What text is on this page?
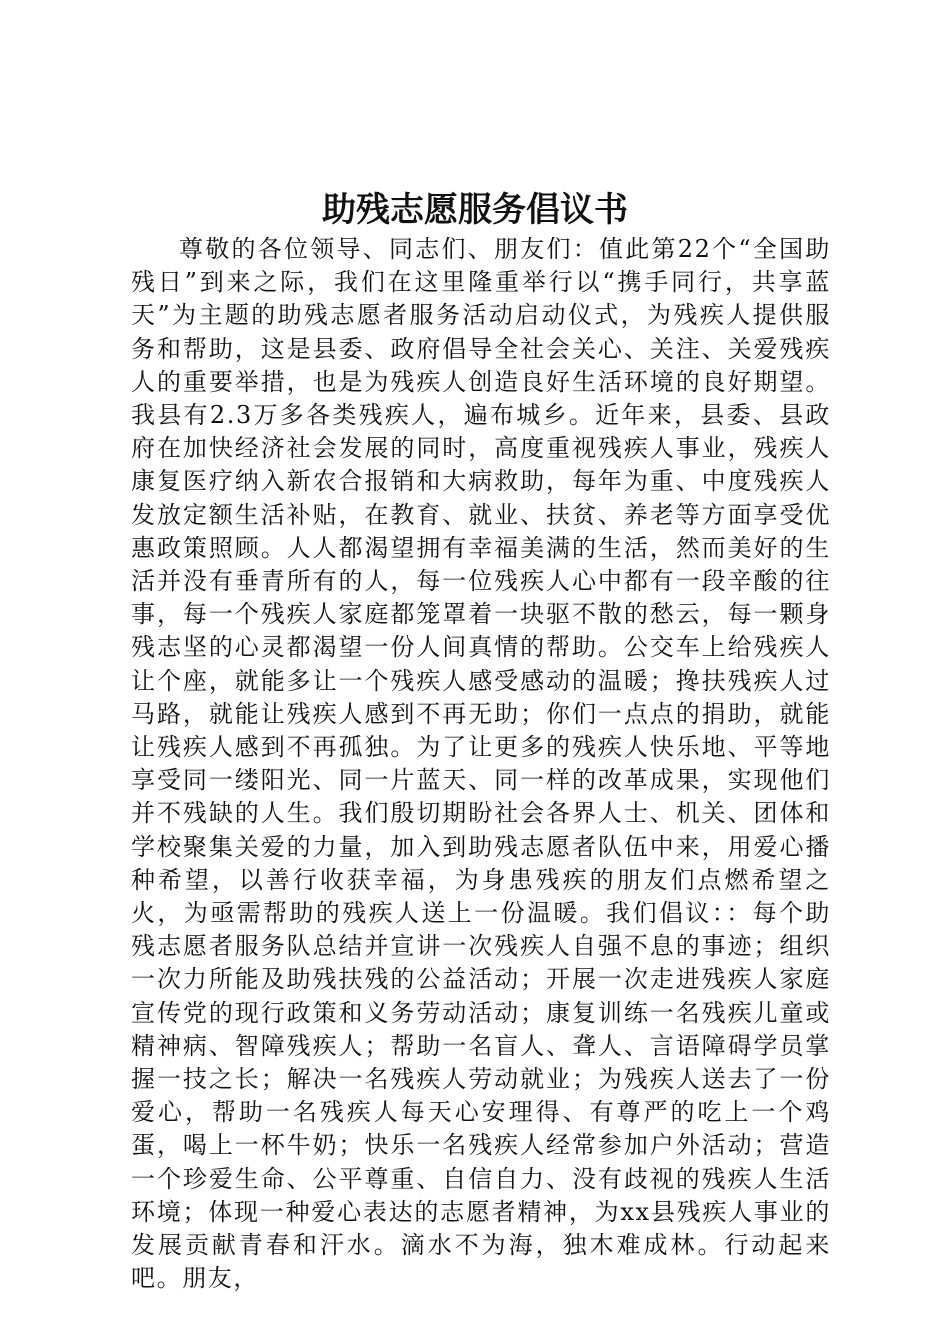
助残志愿服务倡议书

尊敬的各位领导、同志们、朋友们：值此第22个“全国助残日”到来之际，我们在这里隆重举行以“携手同行，共享蓝天”为主题的助残志愿者服务活动启动仪式，为残疾人提供服务和帮助，这是县委、政府倡导全社会关心、关注、关爱残疾人的重要举措，也是为残疾人创造良好生活环境的良好期望。我县有2.3万多各类残疾人，遍布城乡。近年来，县委、县政府在加快经济社会发展的同时，高度重视残疾人事业，残疾人康复医疗纳入新农合报销和大病救助，每年为重、中度残疾人发放定额生活补贴，在教育、就业、扶贫、养老等方面享受优惠政策照顾。人人都渴望拥有幸福美满的生活，然而美好的生活并没有垂青所有的人，每一位残疾人心中都有一段辛酸的往事，每一个残疾人家庭都笼罩着一块驱不散的愁云，每一颗身残志坚的心灵都渴望一份人间真情的帮助。公交车上给残疾人让个座，就能多让一个残疾人感受感动的温暖；搀扶残疾人过马路，就能让残疾人感到不再无助；你们一点点的捐助，就能让残疾人感到不再孤独。为了让更多的残疾人快乐地、平等地享受同一缕阳光、同一片蓝天、同一样的改革成果，实现他们并不残缺的人生。我们殷切期盼社会各界人士、机关、团体和学校聚集关爱的力量，加入到助残志愿者队伍中来，用爱心播种希望，以善行收获幸福，为身患残疾的朋友们点燃希望之火，为亟需帮助的残疾人送上一份温暖。我们倡议：：每个助残志愿者服务队总结并宣讲一次残疾人自强不息的事迹；组织一次力所能及助残扶残的公益活动；开展一次走进残疾人家庭宣传党的现行政策和义务劳动活动；康复训练一名残疾儿童或精神病、智障残疾人；帮助一名盲人、聋人、言语障碍学员掌握一技之长；解决一名残疾人劳动就业；为残疾人送去了一份爱心，帮助一名残疾人每天心安理得、有尊严的吃上一个鸡蛋，喝上一杯牛奶；快乐一名残疾人经常参加户外活动；营造一个珍爱生命、公平尊重、自信自力、没有歧视的残疾人生活环境；体现一种爱心表达的志愿者精神，为xx县残疾人事业的发展贡献青春和汗水。滴水不为海，独木难成林。行动起来吧。朋友，
